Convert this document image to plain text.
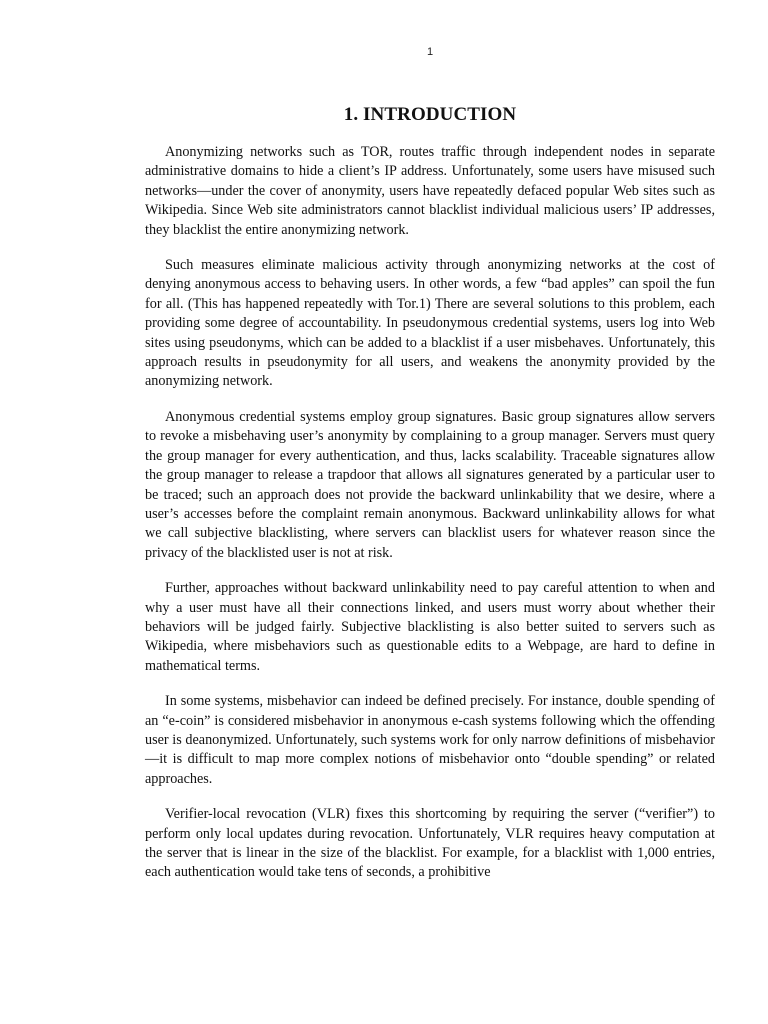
1
1. INTRODUCTION

Anonymizing networks such as TOR, routes traffic through independent nodes in separate administrative domains to hide a client’s IP address. Unfortunately, some users have misused such networks—under the cover of anonymity, users have repeatedly defaced popular Web sites such as Wikipedia. Since Web site administrators cannot blacklist individual malicious users’ IP addresses, they blacklist the entire anonymizing network.

Such measures eliminate malicious activity through anonymizing networks at the cost of denying anonymous access to behaving users. In other words, a few “bad apples” can spoil the fun for all. (This has happened repeatedly with Tor.1) There are several solutions to this problem, each providing some degree of accountability. In pseudonymous credential systems, users log into Web sites using pseudonyms, which can be added to a blacklist if a user misbehaves. Unfortunately, this approach results in pseudonymity for all users, and weakens the anonymity provided by the anonymizing network.

Anonymous credential systems employ group signatures. Basic group signatures allow servers to revoke a misbehaving user’s anonymity by complaining to a group manager. Servers must query the group manager for every authentication, and thus, lacks scalability. Traceable signatures allow the group manager to release a trapdoor that allows all signatures generated by a particular user to be traced; such an approach does not provide the backward unlinkability that we desire, where a user’s accesses before the complaint remain anonymous. Backward unlinkability allows for what we call subjective blacklisting, where servers can blacklist users for whatever reason since the privacy of the blacklisted user is not at risk.

Further, approaches without backward unlinkability need to pay careful attention to when and why a user must have all their connections linked, and users must worry about whether their behaviors will be judged fairly. Subjective blacklisting is also better suited to servers such as Wikipedia, where misbehaviors such as questionable edits to a Webpage, are hard to define in mathematical terms.

In some systems, misbehavior can indeed be defined precisely. For instance, double spending of an “e-coin” is considered misbehavior in anonymous e-cash systems following which the offending user is deanonymized. Unfortunately, such systems work for only narrow definitions of misbehavior—it is difficult to map more complex notions of misbehavior onto “double spending” or related approaches.

Verifier-local revocation (VLR) fixes this shortcoming by requiring the server (“verifier”) to perform only local updates during revocation. Unfortunately, VLR requires heavy computation at the server that is linear in the size of the blacklist. For example, for a blacklist with 1,000 entries, each authentication would take tens of seconds, a prohibitive
